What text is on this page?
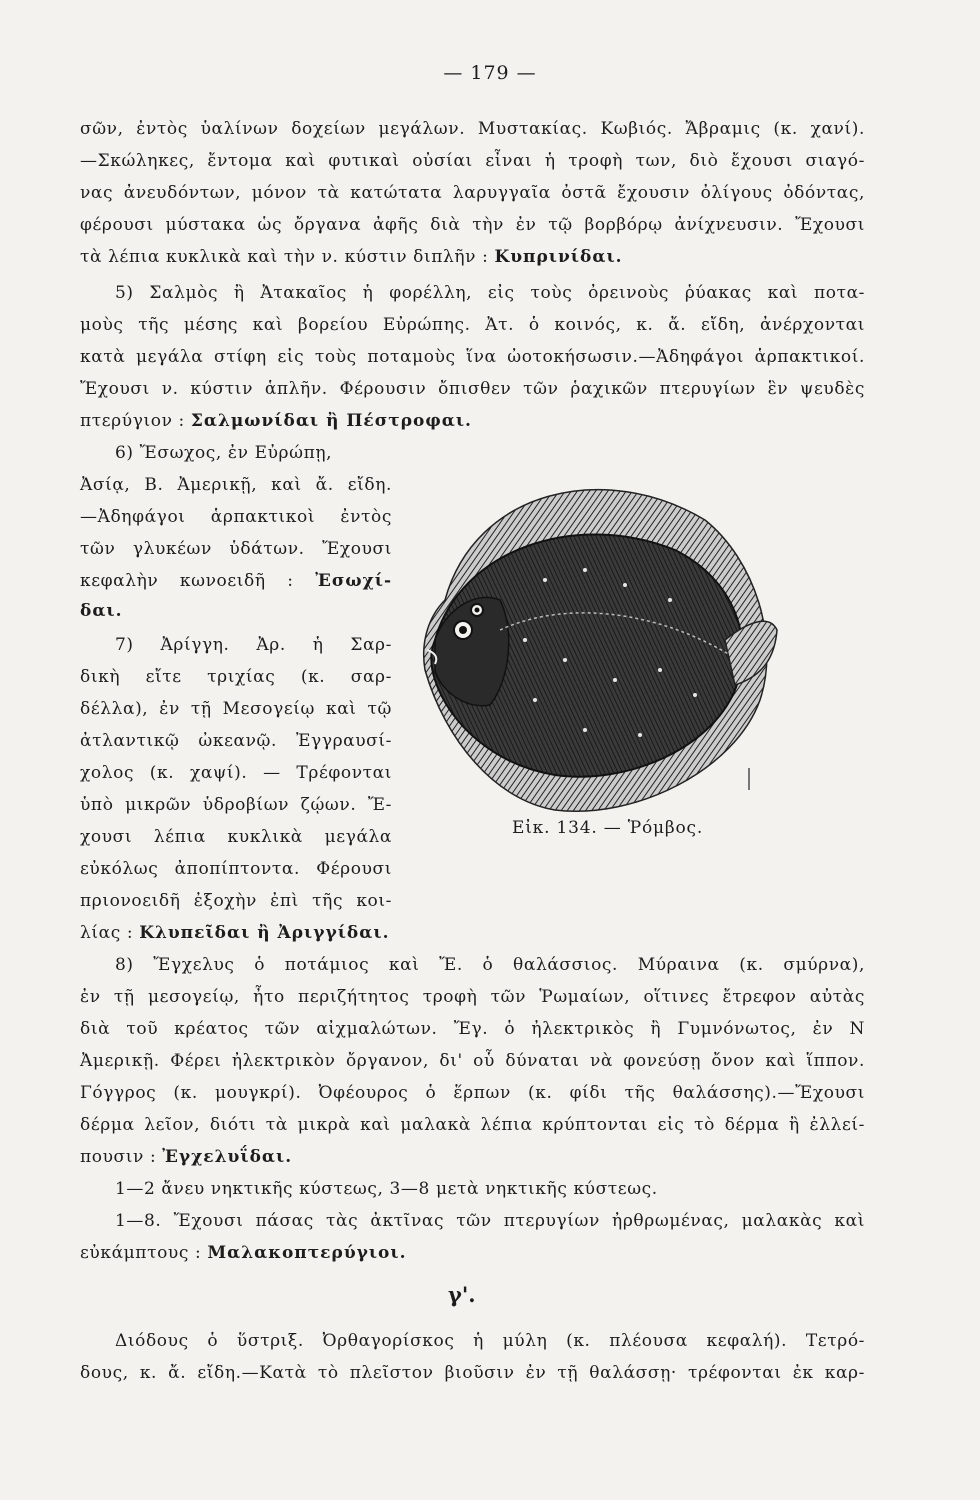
— 179 —
σῶν, ἐντὸς ὑαλίνων δοχείων μεγάλων. Μυστακίας. Κωβιός. Ἄβραμις (κ. χανί).
—Σκώληκες, ἔντομα καὶ φυτικαὶ οὐσίαι εἶναι ἡ τροφὴ των, διὸ ἔχουσι σιαγό-
νας ἀνευδόντων, μόνον τὰ κατώτατα λαρυγγαῖα ὀστᾶ ἔχουσιν ὀλίγους ὀδόντας,
φέρουσι μύστακα ὡς ὄργανα ἀφῆς διὰ τὴν ἐν τῷ βορβόρῳ ἀνίχνευσιν. Ἔχουσι
τὰ λέπια κυκλικὰ καὶ τὴν ν. κύστιν διπλῆν : Κυπρινίδαι.
5) Σαλμὸς ἢ Ἀτακαῖος ἡ φορέλλη, εἰς τοὺς ὀρεινοὺς ῥύακας καὶ ποτα-
μοὺς τῆς μέσης καὶ βορείου Εὐρώπης. Ἀτ. ὁ κοινός, κ. ἄ. εἴδη, ἀνέρχονται
κατὰ μεγάλα στίφη εἰς τοὺς ποταμοὺς ἵνα ὠοτοκήσωσιν.—Ἀδηφάγοι ἁρπακτικοί.
Ἔχουσι ν. κύστιν ἁπλῆν. Φέρουσιν ὄπισθεν τῶν ῥαχικῶν πτερυγίων ἓν ψευδὲς
πτερύγιον : Σαλμωνίδαι ἢ Πέστροφαι.
6) Ἔσωχος, ἐν Εὐρώπῃ,
Ἀσίᾳ, Β. Ἀμερικῇ, καὶ ἄ. εἴδη.
—Ἀδηφάγοι ἁρπακτικοὶ ἐντὸς
τῶν γλυκέων ὑδάτων. Ἔχουσι
κεφαλὴν κωνοειδῆ : Ἐσωχί-
δαι.
7) Ἀρίγγη. Ἀρ. ἡ Σαρ-
δικὴ εἴτε τριχίας (κ. σαρ-
δέλλα), ἐν τῇ Μεσογείῳ καὶ τῷ
ἀτλαντικῷ ὠκεανῷ. Ἐγγραυσί-
χολος (κ. χαψί). — Τρέφονται
ὑπὸ μικρῶν ὑδροβίων ζῴων. Ἔ-
χουσι λέπια κυκλικὰ μεγάλα
εὐκόλως ἀποπίπτοντα. Φέρουσι
πριονοειδῆ ἐξοχὴν ἐπὶ τῆς κοι-
λίας : Κλυπεῖδαι ἢ Ἀριγγίδαι.
8) Ἔγχελυς ὁ ποτάμιος καὶ Ἔ. ὁ θαλάσσιος. Μύραινα (κ. σμύρνα),
ἐν τῇ μεσογείῳ, ἦτο περιζήτητος τροφὴ τῶν Ῥωμαίων, οἵτινες ἔτρεφον αὐτὰς
διὰ τοῦ κρέατος τῶν αἰχμαλώτων. Ἔγ. ὁ ἠλεκτρικὸς ἢ Γυμνόνωτος, ἐν Ν
Ἀμερικῇ. Φέρει ἠλεκτρικὸν ὄργανον, δι' οὗ δύναται νὰ φονεύσῃ ὄνον καὶ ἵππον.
Γόγγρος (κ. μουγκρί). Ὀφέουρος ὁ ἕρπων (κ. φίδι τῆς θαλάσσης).—Ἔχουσι
δέρμα λεῖον, διότι τὰ μικρὰ καὶ μαλακὰ λέπια κρύπτονται εἰς τὸ δέρμα ἢ ἐλλεί-
πουσιν : Ἐγχελυΐδαι.
1—2 ἄνευ νηκτικῆς κύστεως, 3—8 μετὰ νηκτικῆς κύστεως.
1—8. Ἔχουσι πάσας τὰς ἀκτῖνας τῶν πτερυγίων ἠρθρωμένας, μαλακὰς καὶ
εὐκάμπτους : Μαλακοπτερύγιοι.
γ'.
Διόδους ὁ ὕστριξ. Ὀρθαγορίσκος ἡ μύλη (κ. πλέουσα κεφαλή). Τετρό-
δους, κ. ἄ. εἴδη.—Κατὰ τὸ πλεῖστον βιοῦσιν ἐν τῇ θαλάσσῃ· τρέφονται ἐκ καρ-
Εἰκ. 134. — Ῥόμβος.
